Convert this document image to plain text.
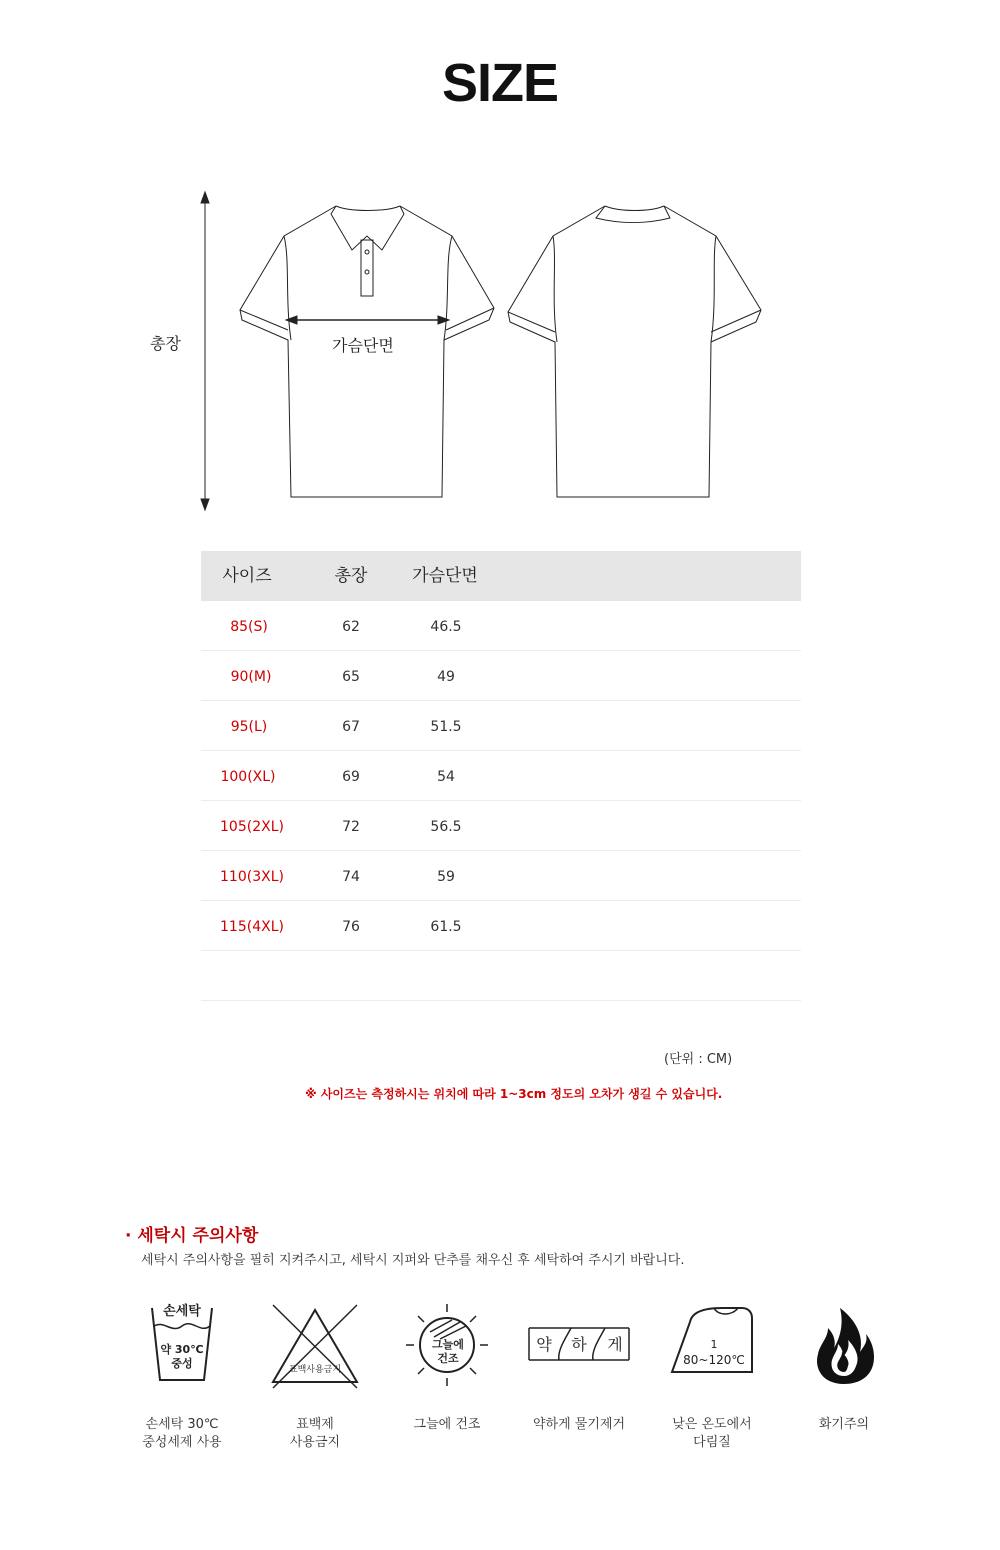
SIZE
총장	가슴단면
사이즈	총장	가슴단면
85(S)	62	46.5
90(M)	65	49
95(L)	67	51.5
100(XL)	69	54
105(2XL)	72	56.5
110(3XL)	74	59
115(4XL)	76	61.5
(단위 : CM)
※ 사이즈는 측정하시는 위치에 따라 1~3cm 정도의 오차가 생길 수 있습니다.
· 세탁시 주의사항
세탁시 주의사항을 필히 지켜주시고, 세탁시 지퍼와 단추를 채우신 후 세탁하여 주시기 바랍니다.
손세탁
약 30℃
중성
손세탁 30℃
중성세제 사용
표백사용금지
표백제
사용금지
그늘에
건조
그늘에 건조
약 하 게
약하게 물기제거
1
80~120℃
낮은 온도에서
다림질
화기주의
